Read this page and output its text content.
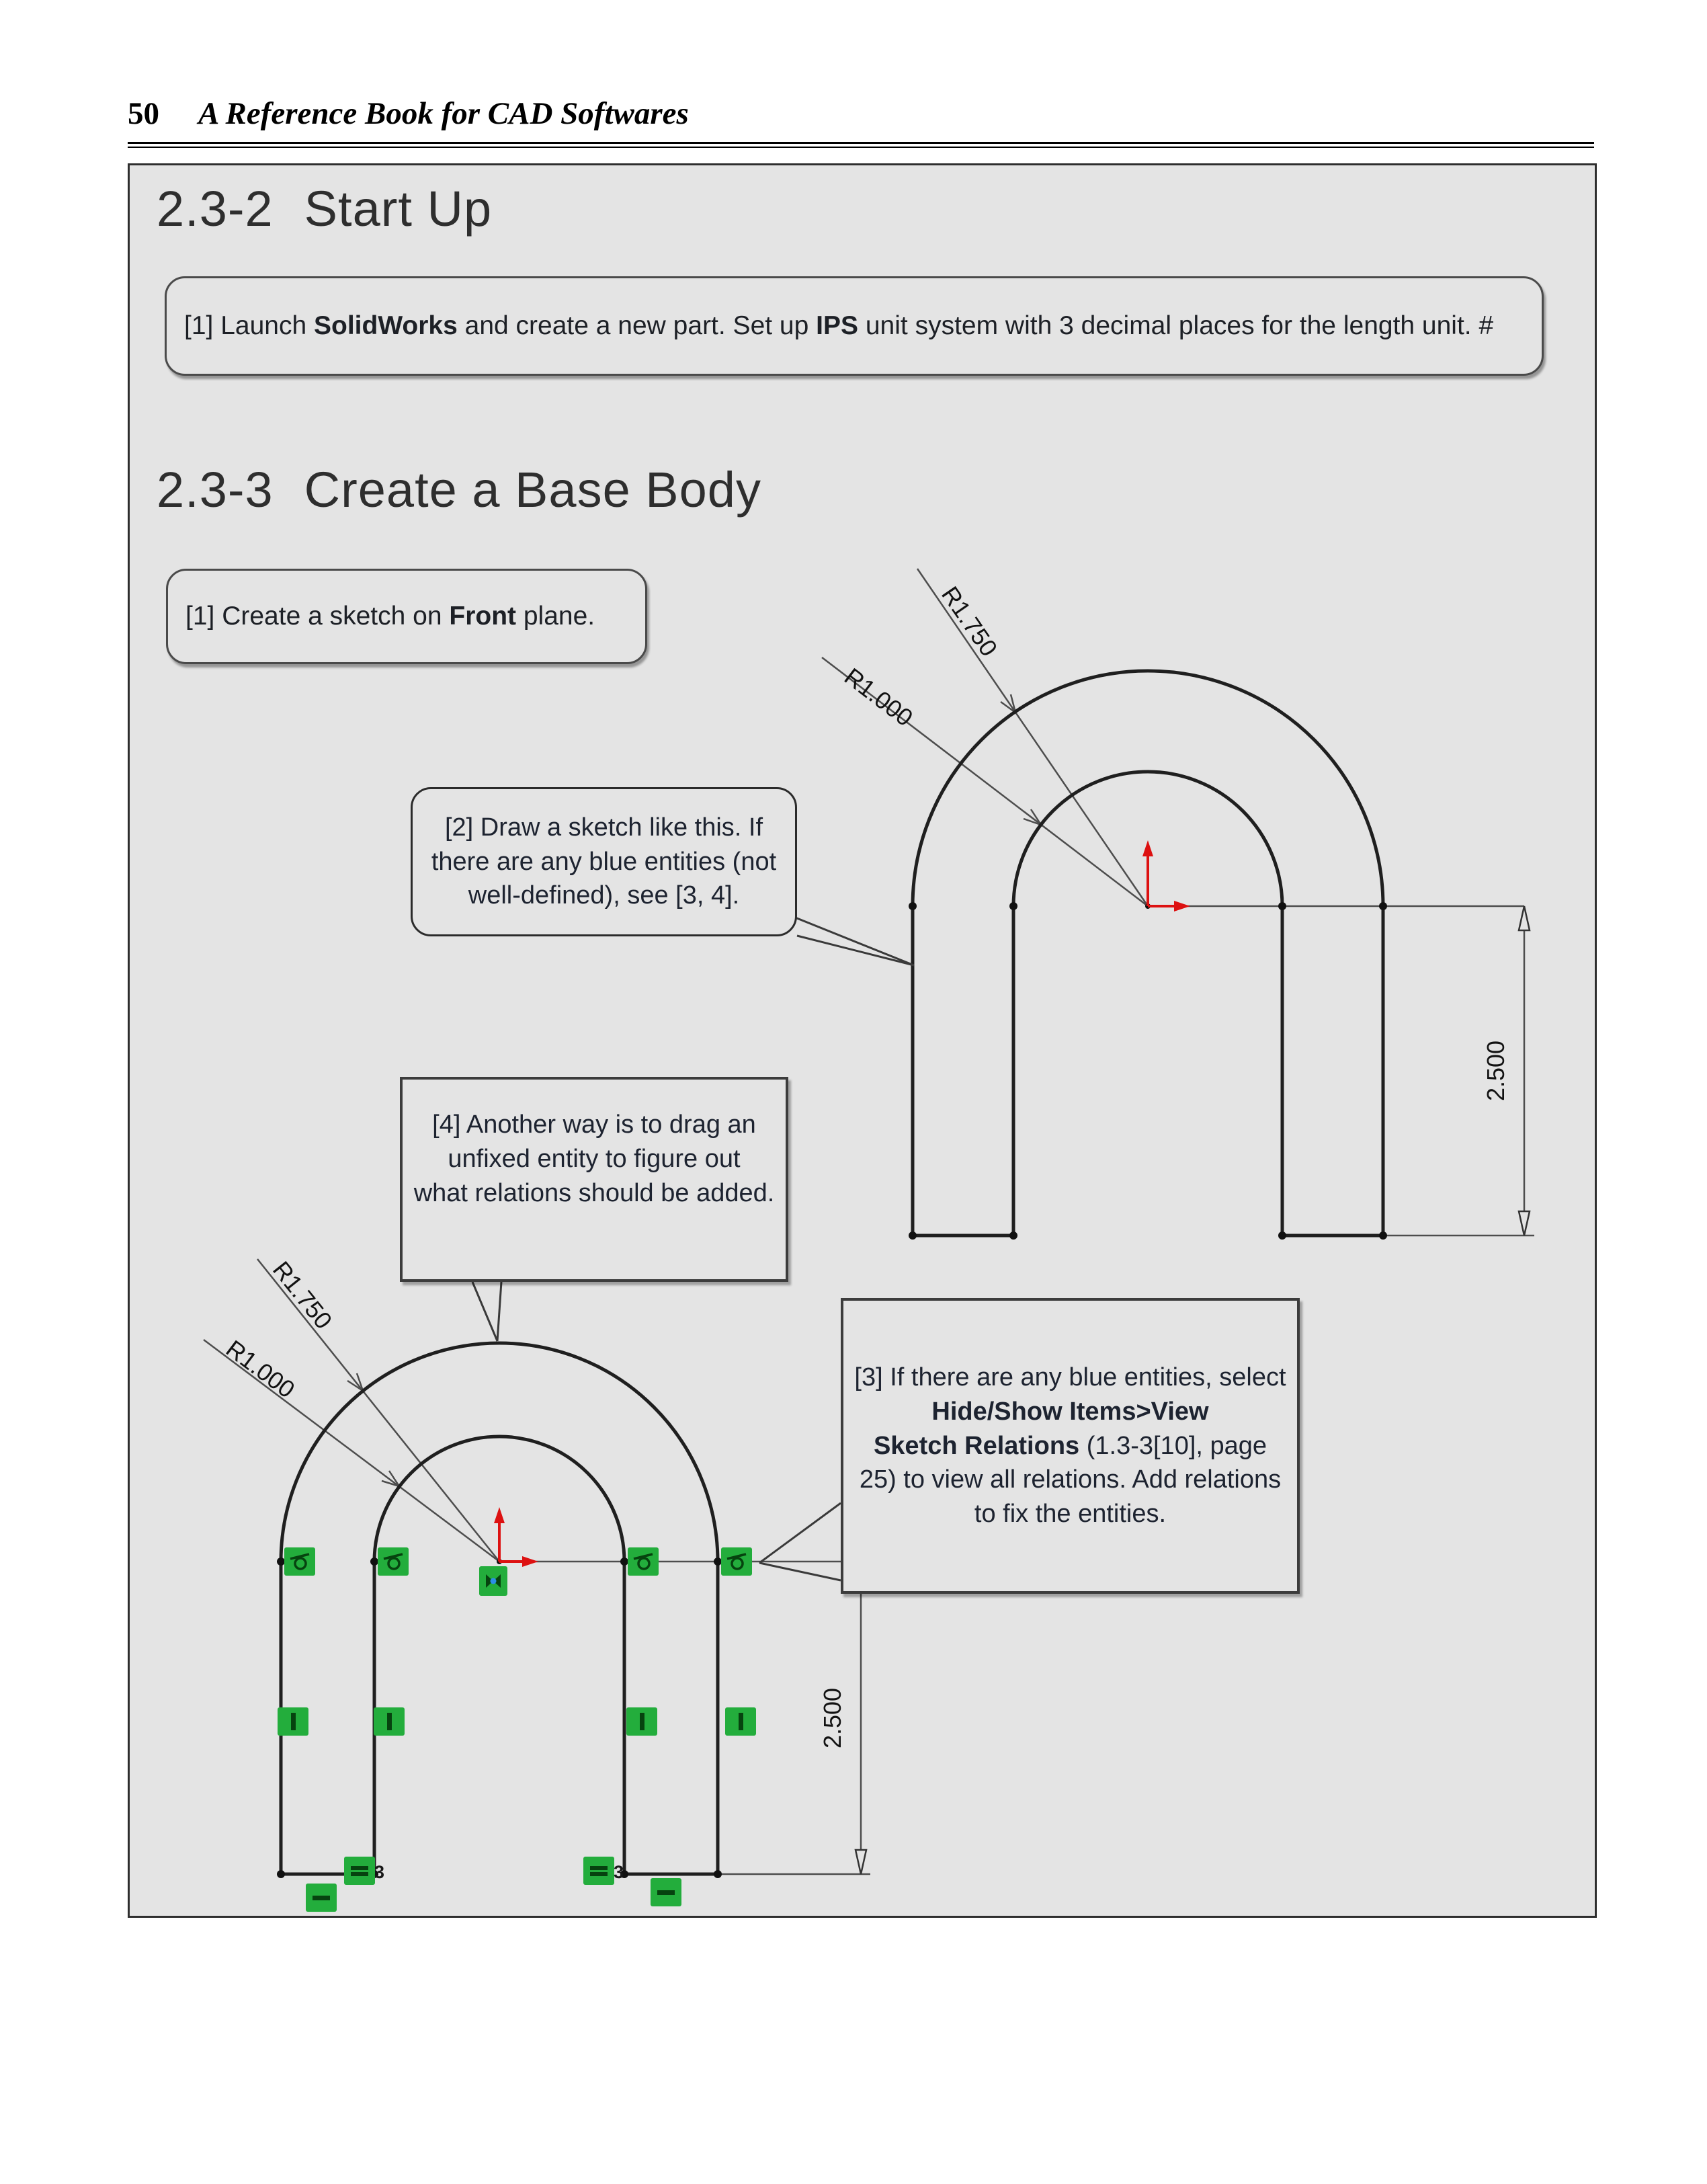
50 A Reference Book for CAD Softwares
2.3-2 Start Up
2.3-3 Create a Base Body
[1] Launch SolidWorks and create a new part. Set up IPS unit system with 3 decimal places for the length unit. #
[1] Create a sketch on Front plane.	R1.750
R1.000
2.500
R1.750
R1.000
2.500
[2] Draw a sketch like this. If
there are any blue entities (not
well-defined), see [3, 4].
[4] Another way is to drag an
unfixed entity to figure out
what relations should be added.
[3] If there are any blue entities, select
Hide/Show Items>View
Sketch Relations (1.3-3[10], page
25) to view all relations. Add relations
to fix the entities.
3	3
